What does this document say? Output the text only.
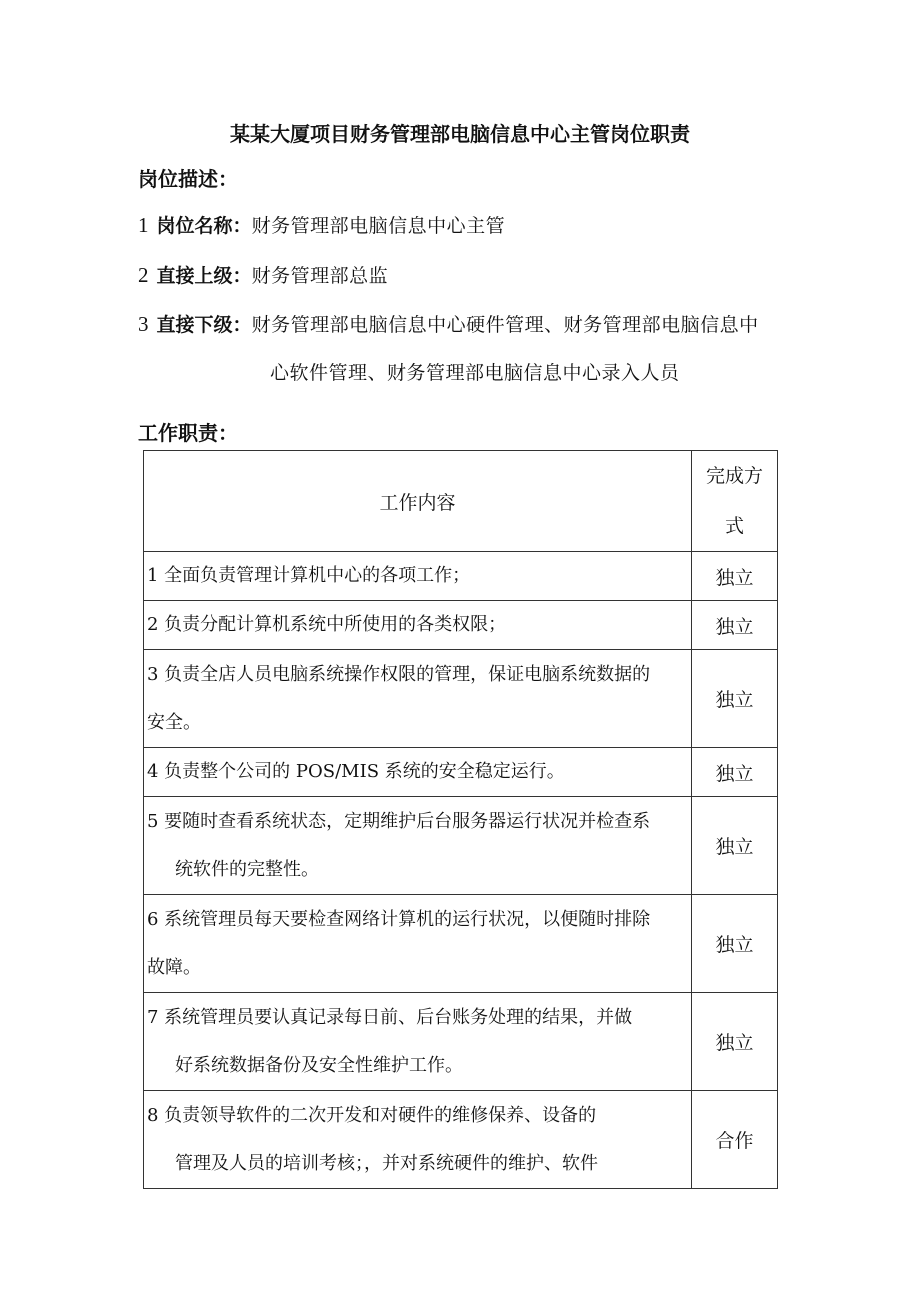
某某大厦项目财务管理部电脑信息中心主管岗位职责
岗位描述：
1 岗位名称：财务管理部电脑信息中心主管
2 直接上级：财务管理部总监
3 直接下级：财务管理部电脑信息中心硬件管理、财务管理部电脑信息中
心软件管理、财务管理部电脑信息中心录入人员
工作职责：
工作内容	完成方
式
1 全面负责管理计算机中心的各项工作；	独立
2 负责分配计算机系统中所使用的各类权限；	独立

3 负责全店人员电脑系统操作权限的管理，保证电脑系统数据的
安全。	独立
4 负责整个公司的 POS/MIS 系统的安全稳定运行。	独立

5 要随时查看系统状态，定期维护后台服务器运行状况并检查系
统软件的完整性。	独立

6 系统管理员每天要检查网络计算机的运行状况，以便随时排除
故障。	独立

7 系统管理员要认真记录每日前、后台账务处理的结果，并做
好系统数据备份及安全性维护工作。	独立

8 负责领导软件的二次开发和对硬件的维修保养、设备的
管理及人员的培训考核；，并对系统硬件的维护、软件	合作
